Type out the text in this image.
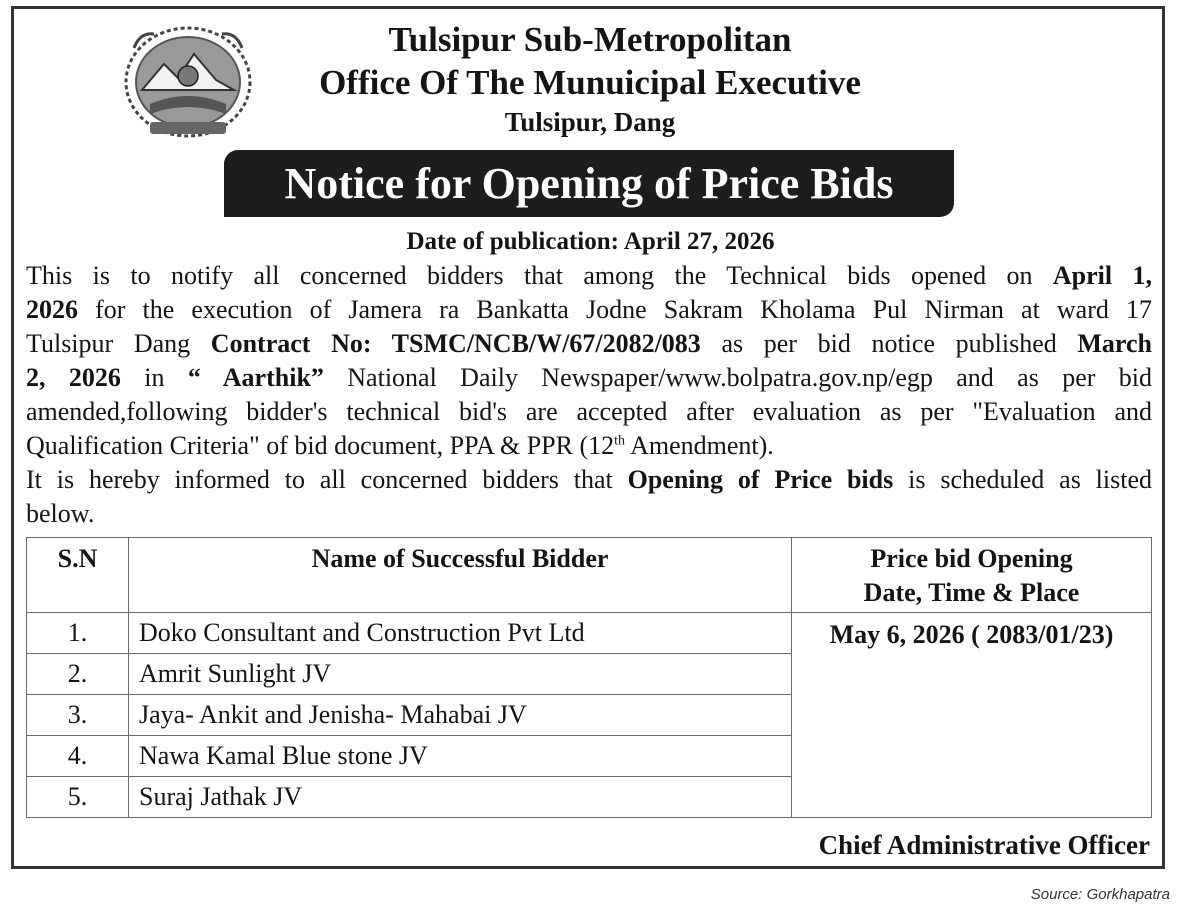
Tulsipur Sub-Metropolitan
Office Of The Munuicipal Executive
Tulsipur, Dang
Notice for Opening of Price Bids
Date of publication: April 27, 2026
This is to notify all concerned bidders that among the Technical bids opened on April 1,
2026 for the execution of Jamera ra Bankatta Jodne Sakram Kholama Pul Nirman at ward 17
Tulsipur Dang Contract No: TSMC/NCB/W/67/2082/083 as per bid notice published March
2, 2026 in “ Aarthik” National Daily Newspaper/www.bolpatra.gov.np/egp and as per bid
amended,following bidder's technical bid's are accepted after evaluation as per "Evaluation and
Qualification Criteria" of bid document, PPA & PPR (12th Amendment).
It is hereby informed to all concerned bidders that Opening of Price bids is scheduled as listed
below.
S.N	Name of Successful Bidder	Price bid Opening
Date, Time & Place
1.	Doko Consultant and Construction Pvt Ltd	May 6, 2026 ( 2083/01/23)
2.	Amrit Sunlight JV	
3.	Jaya- Ankit and Jenisha- Mahabai JV	
4.	Nawa Kamal Blue stone JV	
5.	Suraj Jathak JV	
Chief Administrative Officer
Source: Gorkhapatra
